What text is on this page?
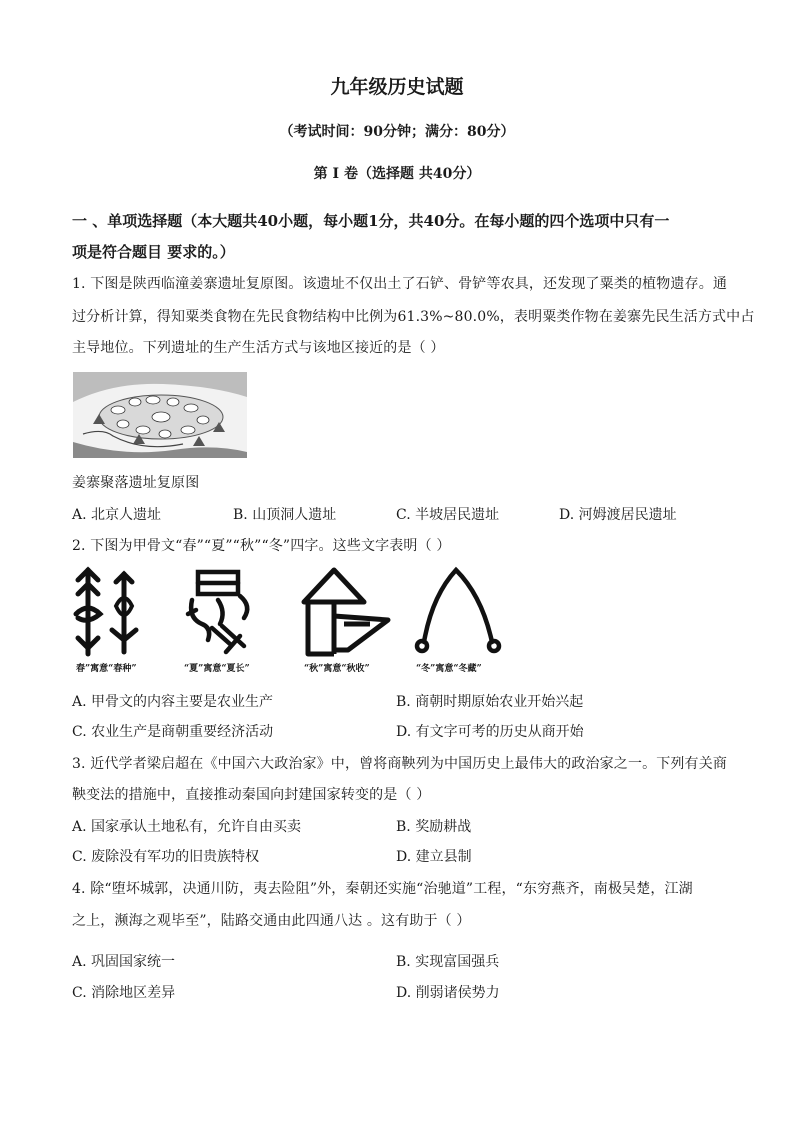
九年级历史试题
（考试时间：90分钟；满分：80分）
第 I 卷（选择题 共40分）
一 、单项选择题（本大题共40小题，每小题1分，共40分。在每小题的四个选项中只有一
项是符合题目 要求的。）
1. 下图是陕西临潼姜寨遗址复原图。该遗址不仅出土了石铲、骨铲等农具，还发现了粟类的植物遗存。通
过分析计算，得知粟类食物在先民食物结构中比例为61.3%~80.0%，表明粟类作物在姜寨先民生活方式中占
主导地位。下列遗址的生产生活方式与该地区接近的是（ ）
姜寨聚落遗址复原图
A. 北京人遗址	B. 山顶洞人遗址	C. 半坡居民遗址	D. 河姆渡居民遗址
2. 下图为甲骨文“春”“夏”“秋”“冬”四字。这些文字表明（ ）
春”寓意“春种”	“夏”寓意“夏长”	“秋”寓意“秋收”	“冬”寓意“冬藏”
A. 甲骨文的内容主要是农业生产	B. 商朝时期原始农业开始兴起
C. 农业生产是商朝重要经济活动	D. 有文字可考的历史从商开始
3. 近代学者梁启超在《中国六大政治家》中，曾将商鞅列为中国历史上最伟大的政治家之一。下列有关商
鞅变法的措施中，直接推动秦国向封建国家转变的是（ ）
A. 国家承认土地私有，允许自由买卖	B. 奖励耕战
C. 废除没有军功的旧贵族特权	D. 建立县制
4. 除“堕坏城郭，决通川防，夷去险阻”外，秦朝还实施“治驰道”工程，“东穷燕齐，南极吴楚，江湖
之上，濒海之观毕至”，陆路交通由此四通八达 。这有助于（ ）
A. 巩固国家统一	B. 实现富国强兵
C. 消除地区差异	D. 削弱诸侯势力
